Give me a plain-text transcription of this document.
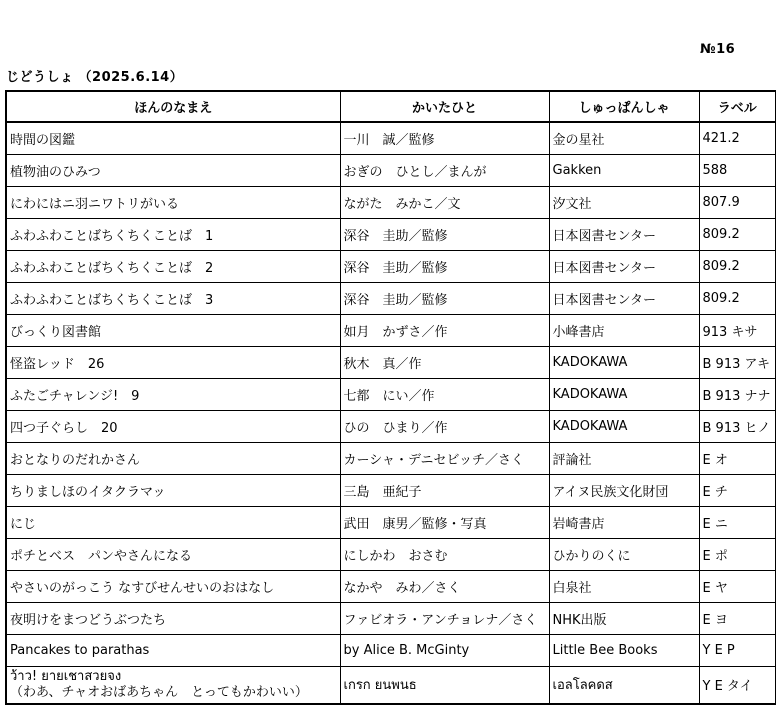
№16
じどうしょ （2025.6.14）
ほんのなまえ	かいたひと	しゅっぱんしゃ	ラベル
時間の図鑑	一川　誠／監修	金の星社	421.2
植物油のひみつ	おぎの　ひとし／まんが	Gakken	588
にわにはニ羽ニワトリがいる	ながた　みかこ／文	汐文社	807.9
ふわふわことばちくちくことば　1	深谷　圭助／監修	日本図書センター	809.2
ふわふわことばちくちくことば　2	深谷　圭助／監修	日本図書センター	809.2
ふわふわことばちくちくことば　3	深谷　圭助／監修	日本図書センター	809.2
びっくり図書館	如月　かずさ／作	小峰書店	913 キサ
怪盗レッド　26	秋木　真／作	KADOKAWA	B 913 アキ
ふたごチャレンジ!　9	七都　にい／作	KADOKAWA	B 913 ナナ
四つ子ぐらし　20	ひの　ひまり／作	KADOKAWA	B 913 ヒノ
おとなりのだれかさん	カーシャ・デニセビッチ／さく	評論社	E オ
ちりましほのイタクラマッ	三島　亜紀子	アイヌ民族文化財団	E チ
にじ	武田　康男／監修・写真	岩崎書店	E ニ
ポチとベス　パンやさんになる	にしかわ　おさむ	ひかりのくに	E ポ
やさいのがっこう なすびせんせいのおはなし	なかや　みわ／さく	白泉社	E ヤ
夜明けをまつどうぶつたち	ファビオラ・アンチョレナ／さく	NHK出版	E ヨ
Pancakes to parathas	by Alice B. McGinty	Little Bee Books	Y E P

ว้าว! ยายเชาสวยจง
（わあ、チャオおばあちゃん　とってもかわいい）	เกรก ยนพนธ	เอลโลคดส	Y E タイ
